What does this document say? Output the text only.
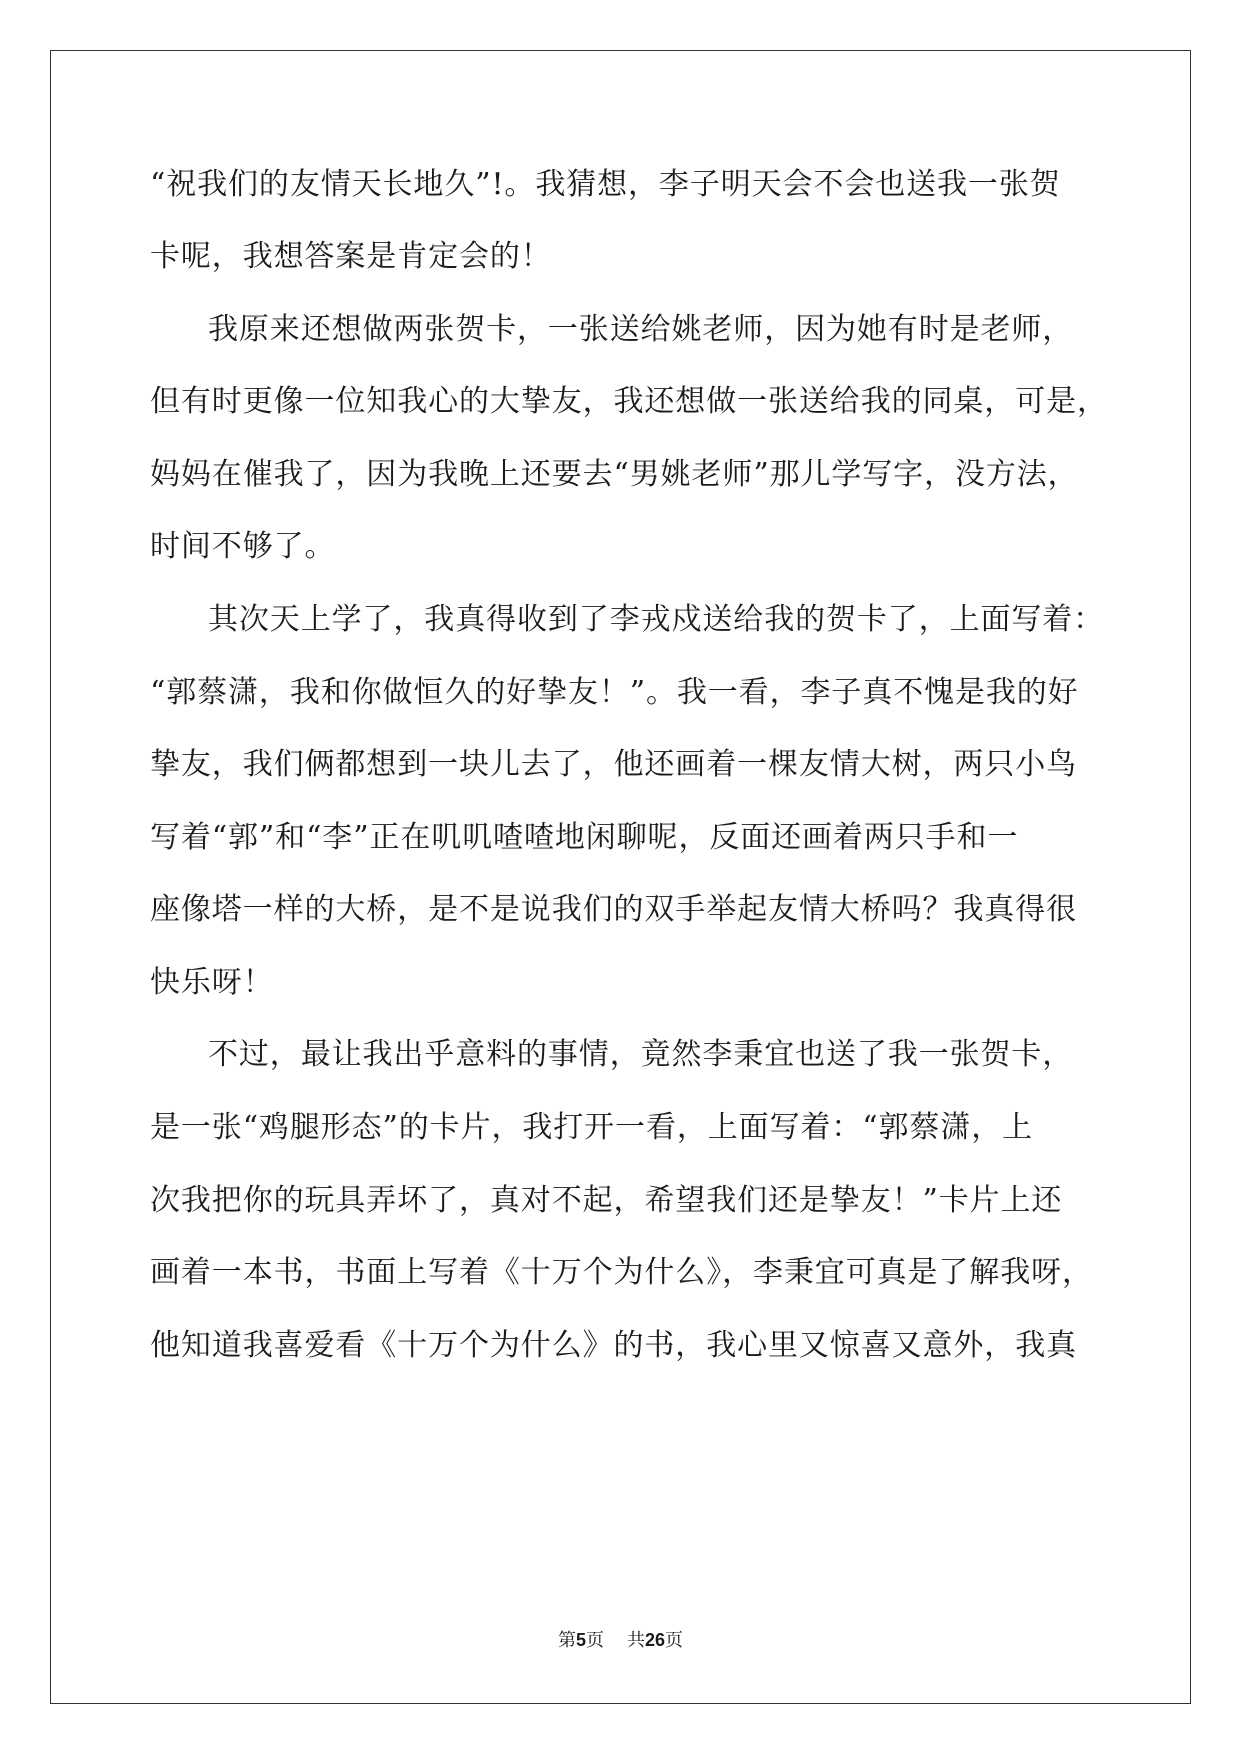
“祝我们的友情天长地久”!。我猜想，李子明天会不会也送我一张贺
卡呢，我想答案是肯定会的！
我原来还想做两张贺卡，一张送给姚老师，因为她有时是老师，
但有时更像一位知我心的大挚友，我还想做一张送给我的同桌，可是，
妈妈在催我了，因为我晚上还要去“男姚老师”那儿学写字，没方法，
时间不够了。
其次天上学了，我真得收到了李戎戍送给我的贺卡了，上面写着：
“郭蔡潇，我和你做恒久的好挚友！”。我一看，李子真不愧是我的好
挚友，我们俩都想到一块儿去了，他还画着一棵友情大树，两只小鸟
写着“郭”和“李”正在叽叽喳喳地闲聊呢，反面还画着两只手和一
座像塔一样的大桥，是不是说我们的双手举起友情大桥吗？我真得很
快乐呀！
不过，最让我出乎意料的事情，竟然李秉宜也送了我一张贺卡，
是一张“鸡腿形态”的卡片，我打开一看，上面写着：“郭蔡潇，上
次我把你的玩具弄坏了，真对不起，希望我们还是挚友！”卡片上还
画着一本书，书面上写着《十万个为什么》，李秉宜可真是了解我呀，
他知道我喜爱看《十万个为什么》的书，我心里又惊喜又意外，我真
第5页 共26页
